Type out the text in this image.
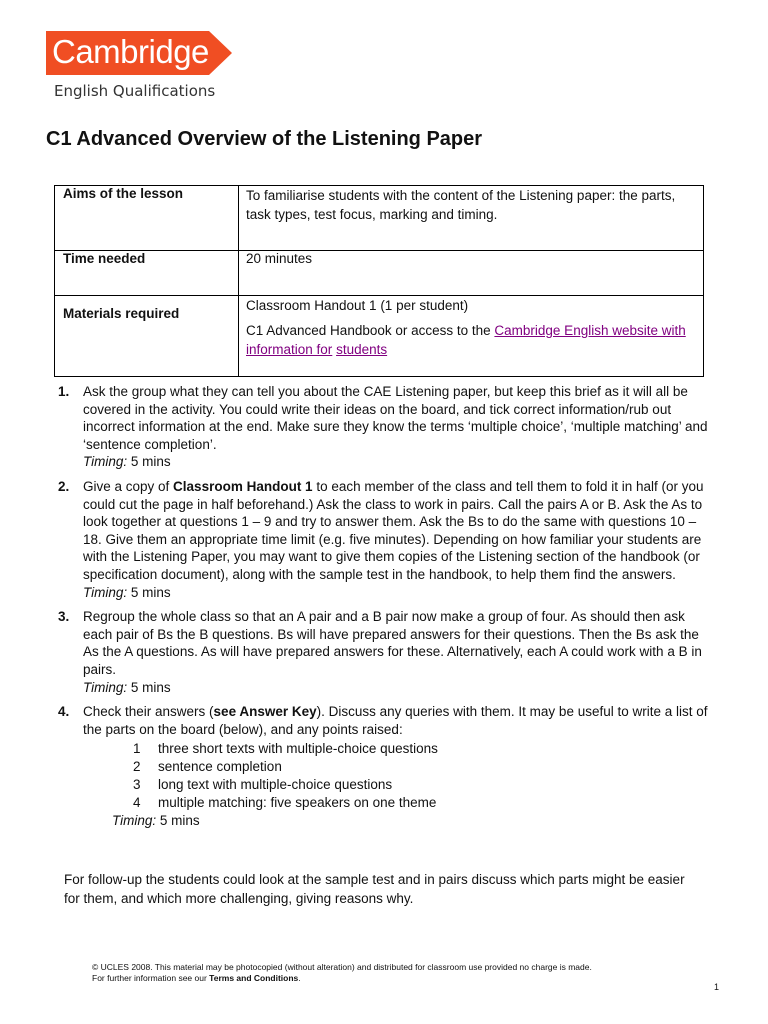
Cambridge
English Qualifications
C1 Advanced Overview of the Listening Paper
Aims of the lesson	To familiarise students with the content of the Listening paper: the parts, task types, test focus, marking and timing.

Time needed	20 minutes
Materials required	Classroom Handout 1 (1 per student)

C1 Advanced Handbook or access to the Cambridge English website with information for students

1. Ask the group what they can tell you about the CAE Listening paper, but keep this brief as it will all be covered in the activity. You could write their ideas on the board, and tick correct information/rub out incorrect information at the end. Make sure they know the terms ‘multiple choice’, ‘multiple matching’ and ‘sentence completion’.
Timing: 5 mins
2. Give a copy of Classroom Handout 1 to each member of the class and tell them to fold it in half (or you could cut the page in half beforehand.) Ask the class to work in pairs. Call the pairs A or B. Ask the As to look together at questions 1 – 9 and try to answer them. Ask the Bs to do the same with questions 10 – 18. Give them an appropriate time limit (e.g. five minutes). Depending on how familiar your students are with the Listening Paper, you may want to give them copies of the Listening section of the handbook (or specification document), along with the sample test in the handbook, to help them find the answers.
Timing: 5 mins
3. Regroup the whole class so that an A pair and a B pair now make a group of four. As should then ask each pair of Bs the B questions. Bs will have prepared answers for their questions. Then the Bs ask the As the A questions. As will have prepared answers for these. Alternatively, each A could work with a B in pairs.
Timing: 5 mins
4. Check their answers (see Answer Key). Discuss any queries with them. It may be useful to write a list of the parts on the board (below), and any points raised:
1 three short texts with multiple-choice questions
2 sentence completion
3 long text with multiple-choice questions
4 multiple matching: five speakers on one theme
Timing: 5 mins
For follow-up the students could look at the sample test and in pairs discuss which parts might be easier for them, and which more challenging, giving reasons why.
© UCLES 2008. This material may be photocopied (without alteration) and distributed for classroom use provided no charge is made.
For further information see our Terms and Conditions.
1
